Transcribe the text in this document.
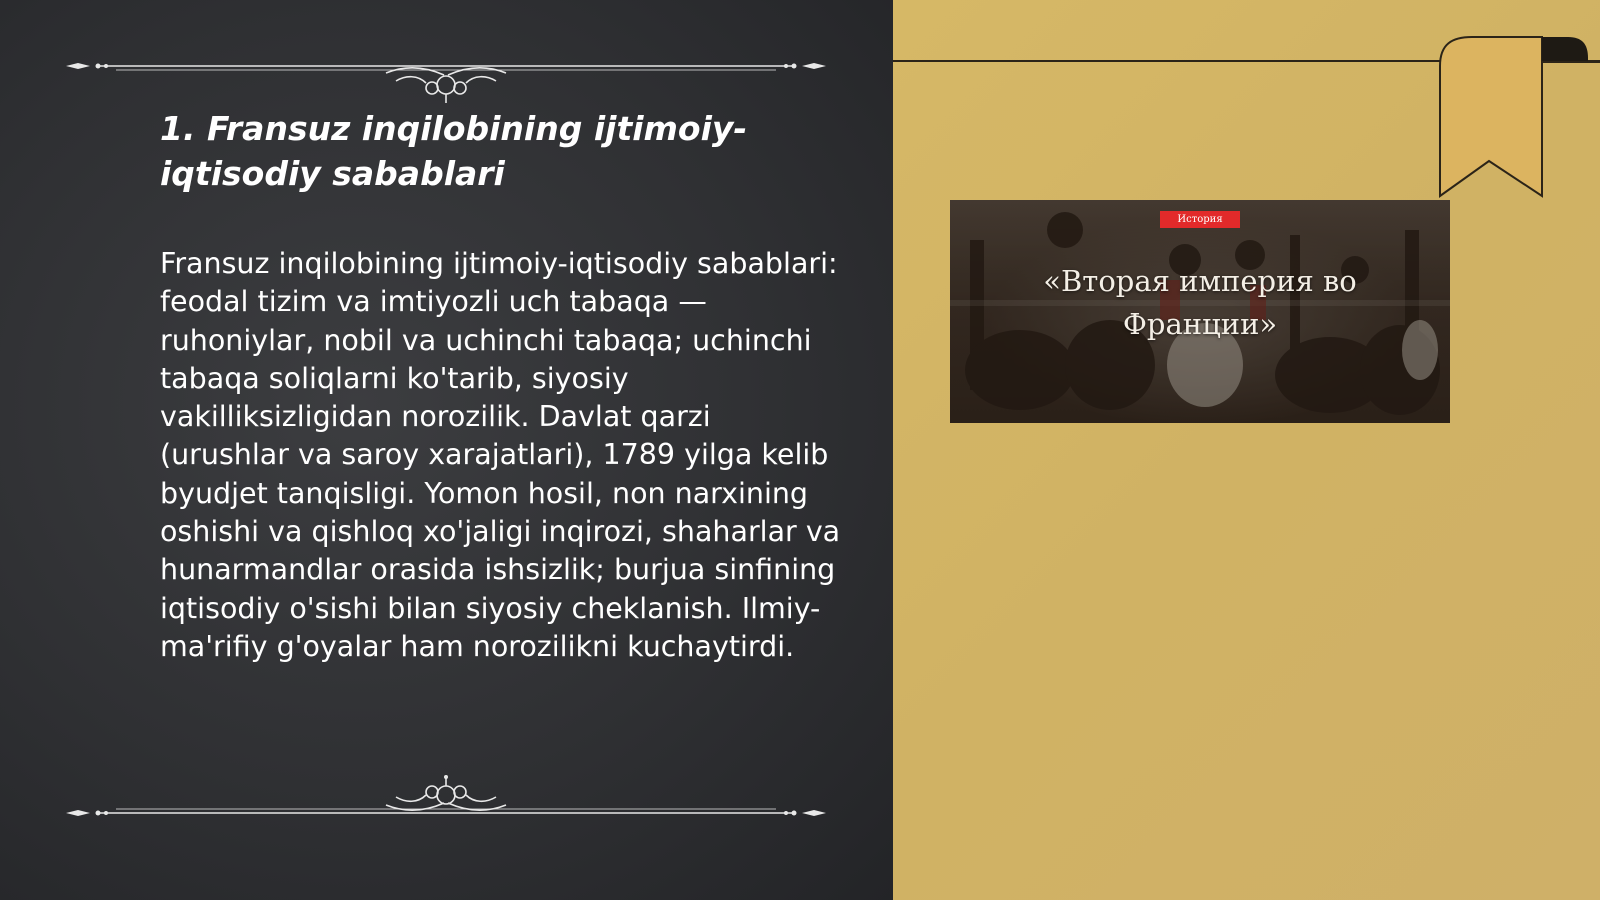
1. Fransuz inqilobining ijtimoiy-iqtisodiy sabablari

Fransuz inqilobining ijtimoiy-iqtisodiy sabablari: feodal tizim va imtiyozli uch tabaqa — ruhoniylar, nobil va uchinchi tabaqa; uchinchi tabaqa soliqlarni ko'tarib, siyosiy vakilliksizligidan norozilik. Davlat qarzi (urushlar va saroy xarajatlari), 1789 yilga kelib byudjet tanqisligi. Yomon hosil, non narxining oshishi va qishloq xo'jaligi inqirozi, shaharlar va hunarmandlar orasida ishsizlik; burjua sinfining iqtisodiy o'sishi bilan siyosiy cheklanish. Ilmiy-ma'rifiy g'oyalar ham norozilikni kuchaytirdi.

История
«Вторая империя во Франции»
